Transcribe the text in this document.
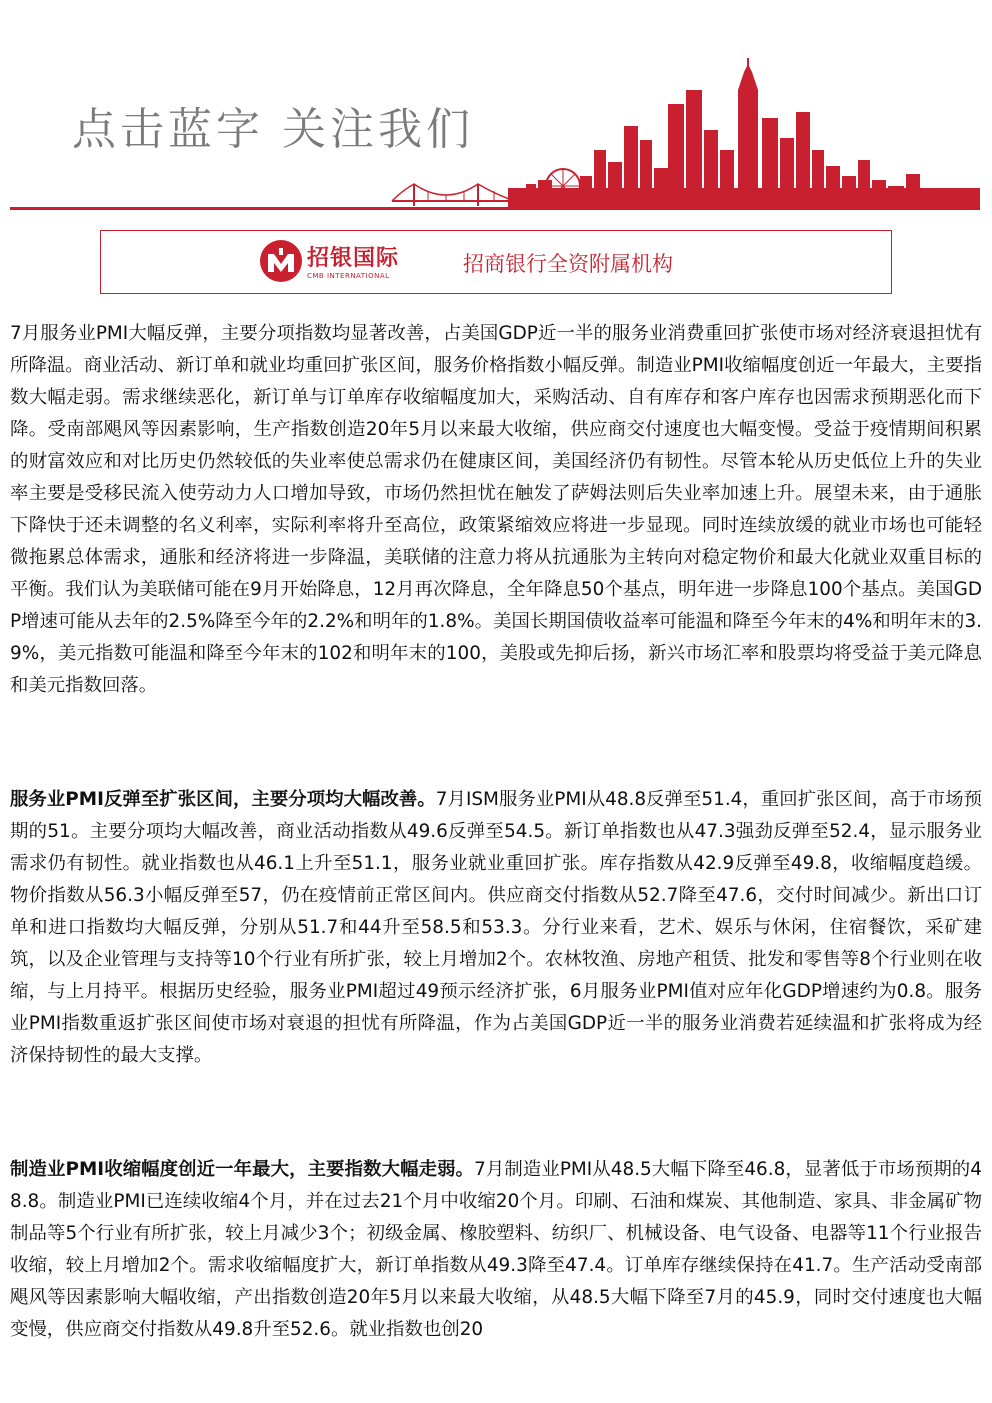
点击蓝字 关注我们
招银国际
CMB INTERNATIONAL	招商银行全资附属机构

7月服务业PMI大幅反弹，主要分项指数均显著改善，占美国GDP近一半的服务业消费重回扩张使市场对经济衰退担忧有所降温。商业活动、新订单和就业均重回扩张区间，服务价格指数小幅反弹。制造业PMI收缩幅度创近一年最大，主要指数大幅走弱。需求继续恶化，新订单与订单库存收缩幅度加大，采购活动、自有库存和客户库存也因需求预期恶化而下降。受南部飓风等因素影响，生产指数创造20年5月以来最大收缩，供应商交付速度也大幅变慢。受益于疫情期间积累的财富效应和对比历史仍然较低的失业率使总需求仍在健康区间，美国经济仍有韧性。尽管本轮从历史低位上升的失业率主要是受移民流入使劳动力人口增加导致，市场仍然担忧在触发了萨姆法则后失业率加速上升。展望未来，由于通胀下降快于还未调整的名义利率，实际利率将升至高位，政策紧缩效应将进一步显现。同时连续放缓的就业市场也可能轻微拖累总体需求，通胀和经济将进一步降温，美联储的注意力将从抗通胀为主转向对稳定物价和最大化就业双重目标的平衡。我们认为美联储可能在9月开始降息，12月再次降息，全年降息50个基点，明年进一步降息100个基点。美国GDP增速可能从去年的2.5%降至今年的2.2%和明年的1.8%。美国长期国债收益率可能温和降至今年末的4%和明年末的3.9%，美元指数可能温和降至今年末的102和明年末的100，美股或先抑后扬，新兴市场汇率和股票均将受益于美元降息和美元指数回落。

服务业PMI反弹至扩张区间，主要分项均大幅改善。7月ISM服务业PMI从48.8反弹至51.4，重回扩张区间，高于市场预期的51。主要分项均大幅改善，商业活动指数从49.6反弹至54.5。新订单指数也从47.3强劲反弹至52.4，显示服务业需求仍有韧性。就业指数也从46.1上升至51.1，服务业就业重回扩张。库存指数从42.9反弹至49.8，收缩幅度趋缓。物价指数从56.3小幅反弹至57，仍在疫情前正常区间内。供应商交付指数从52.7降至47.6，交付时间减少。新出口订单和进口指数均大幅反弹，分别从51.7和44升至58.5和53.3。分行业来看，艺术、娱乐与休闲，住宿餐饮，采矿建筑，以及企业管理与支持等10个行业有所扩张，较上月增加2个。农林牧渔、房地产租赁、批发和零售等8个行业则在收缩，与上月持平。根据历史经验，服务业PMI超过49预示经济扩张，6月服务业PMI值对应年化GDP增速约为0.8。服务业PMI指数重返扩张区间使市场对衰退的担忧有所降温，作为占美国GDP近一半的服务业消费若延续温和扩张将成为经济保持韧性的最大支撑。

制造业PMI收缩幅度创近一年最大，主要指数大幅走弱。7月制造业PMI从48.5大幅下降至46.8，显著低于市场预期的48.8。制造业PMI已连续收缩4个月，并在过去21个月中收缩20个月。印刷、石油和煤炭、其他制造、家具、非金属矿物制品等5个行业有所扩张，较上月减少3个；初级金属、橡胶塑料、纺织厂、机械设备、电气设备、电器等11个行业报告收缩，较上月增加2个。需求收缩幅度扩大，新订单指数从49.3降至47.4。订单库存继续保持在41.7。生产活动受南部飓风等因素影响大幅收缩，产出指数创造20年5月以来最大收缩，从48.5大幅下降至7月的45.9，同时交付速度也大幅变慢，供应商交付指数从49.8升至52.6。就业指数也创20
